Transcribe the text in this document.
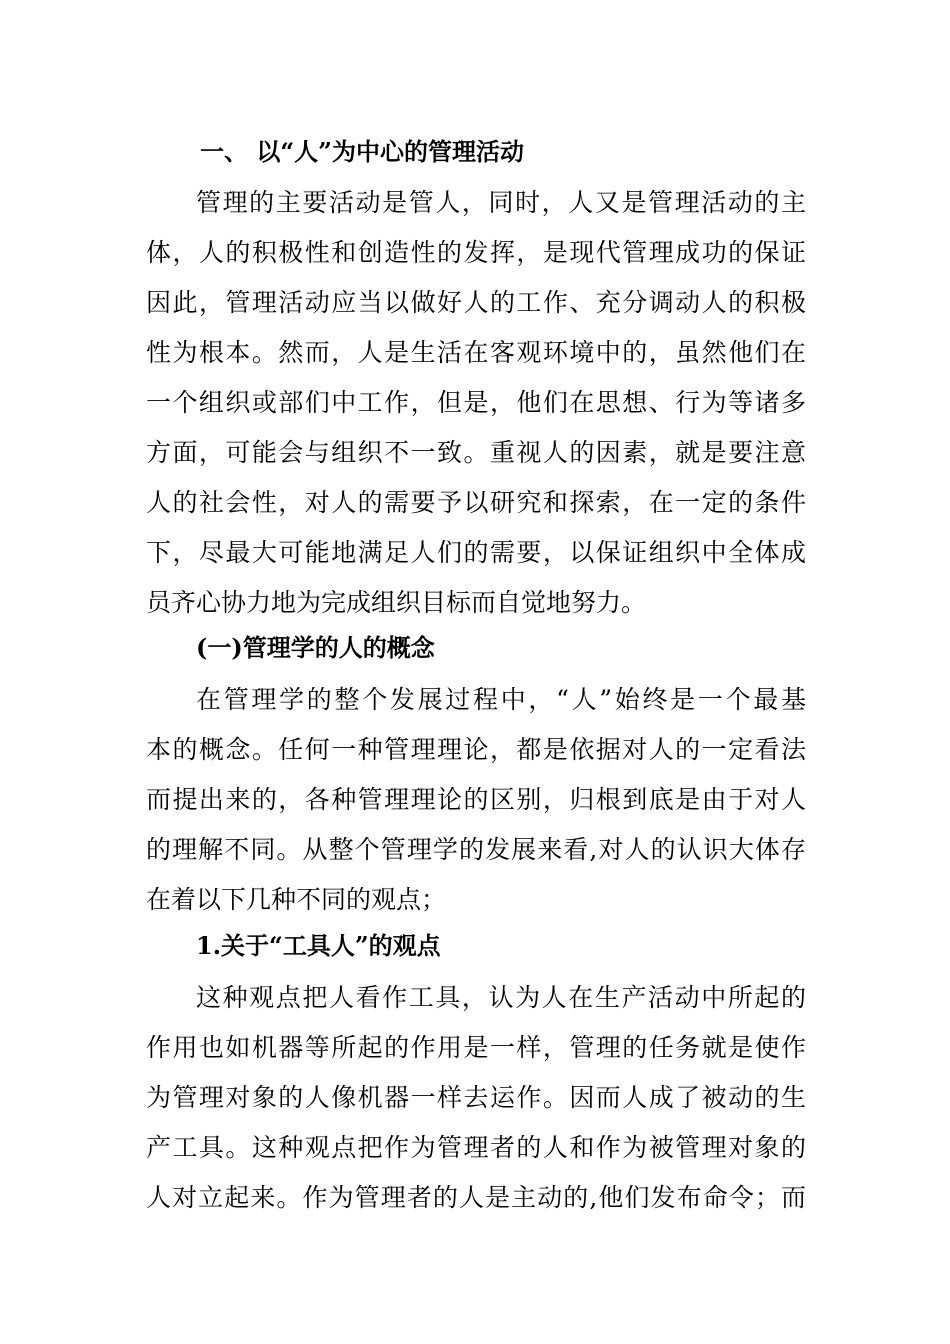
一、 以“人”为中心的管理活动
管理的主要活动是管人，同时，人又是管理活动的主
体，人的积极性和创造性的发挥，是现代管理成功的保证
因此，管理活动应当以做好人的工作、充分调动人的积极
性为根本。然而，人是生活在客观环境中的，虽然他们在
一个组织或部们中工作，但是，他们在思想、行为等诸多
方面，可能会与组织不一致。重视人的因素，就是要注意
人的社会性，对人的需要予以研究和探索，在一定的条件
下，尽最大可能地满足人们的需要，以保证组织中全体成
员齐心协力地为完成组织目标而自觉地努力。
(一)管理学的人的概念
在管理学的整个发展过程中，“人”始终是一个最基
本的概念。任何一种管理理论，都是依据对人的一定看法
而提出来的，各种管理理论的区别，归根到底是由于对人
的理解不同。从整个管理学的发展来看,对人的认识大体存
在着以下几种不同的观点；
1.关于“工具人”的观点
这种观点把人看作工具，认为人在生产活动中所起的
作用也如机器等所起的作用是一样，管理的任务就是使作
为管理对象的人像机器一样去运作。因而人成了被动的生
产工具。这种观点把作为管理者的人和作为被管理对象的
人对立起来。作为管理者的人是主动的,他们发布命令；而
